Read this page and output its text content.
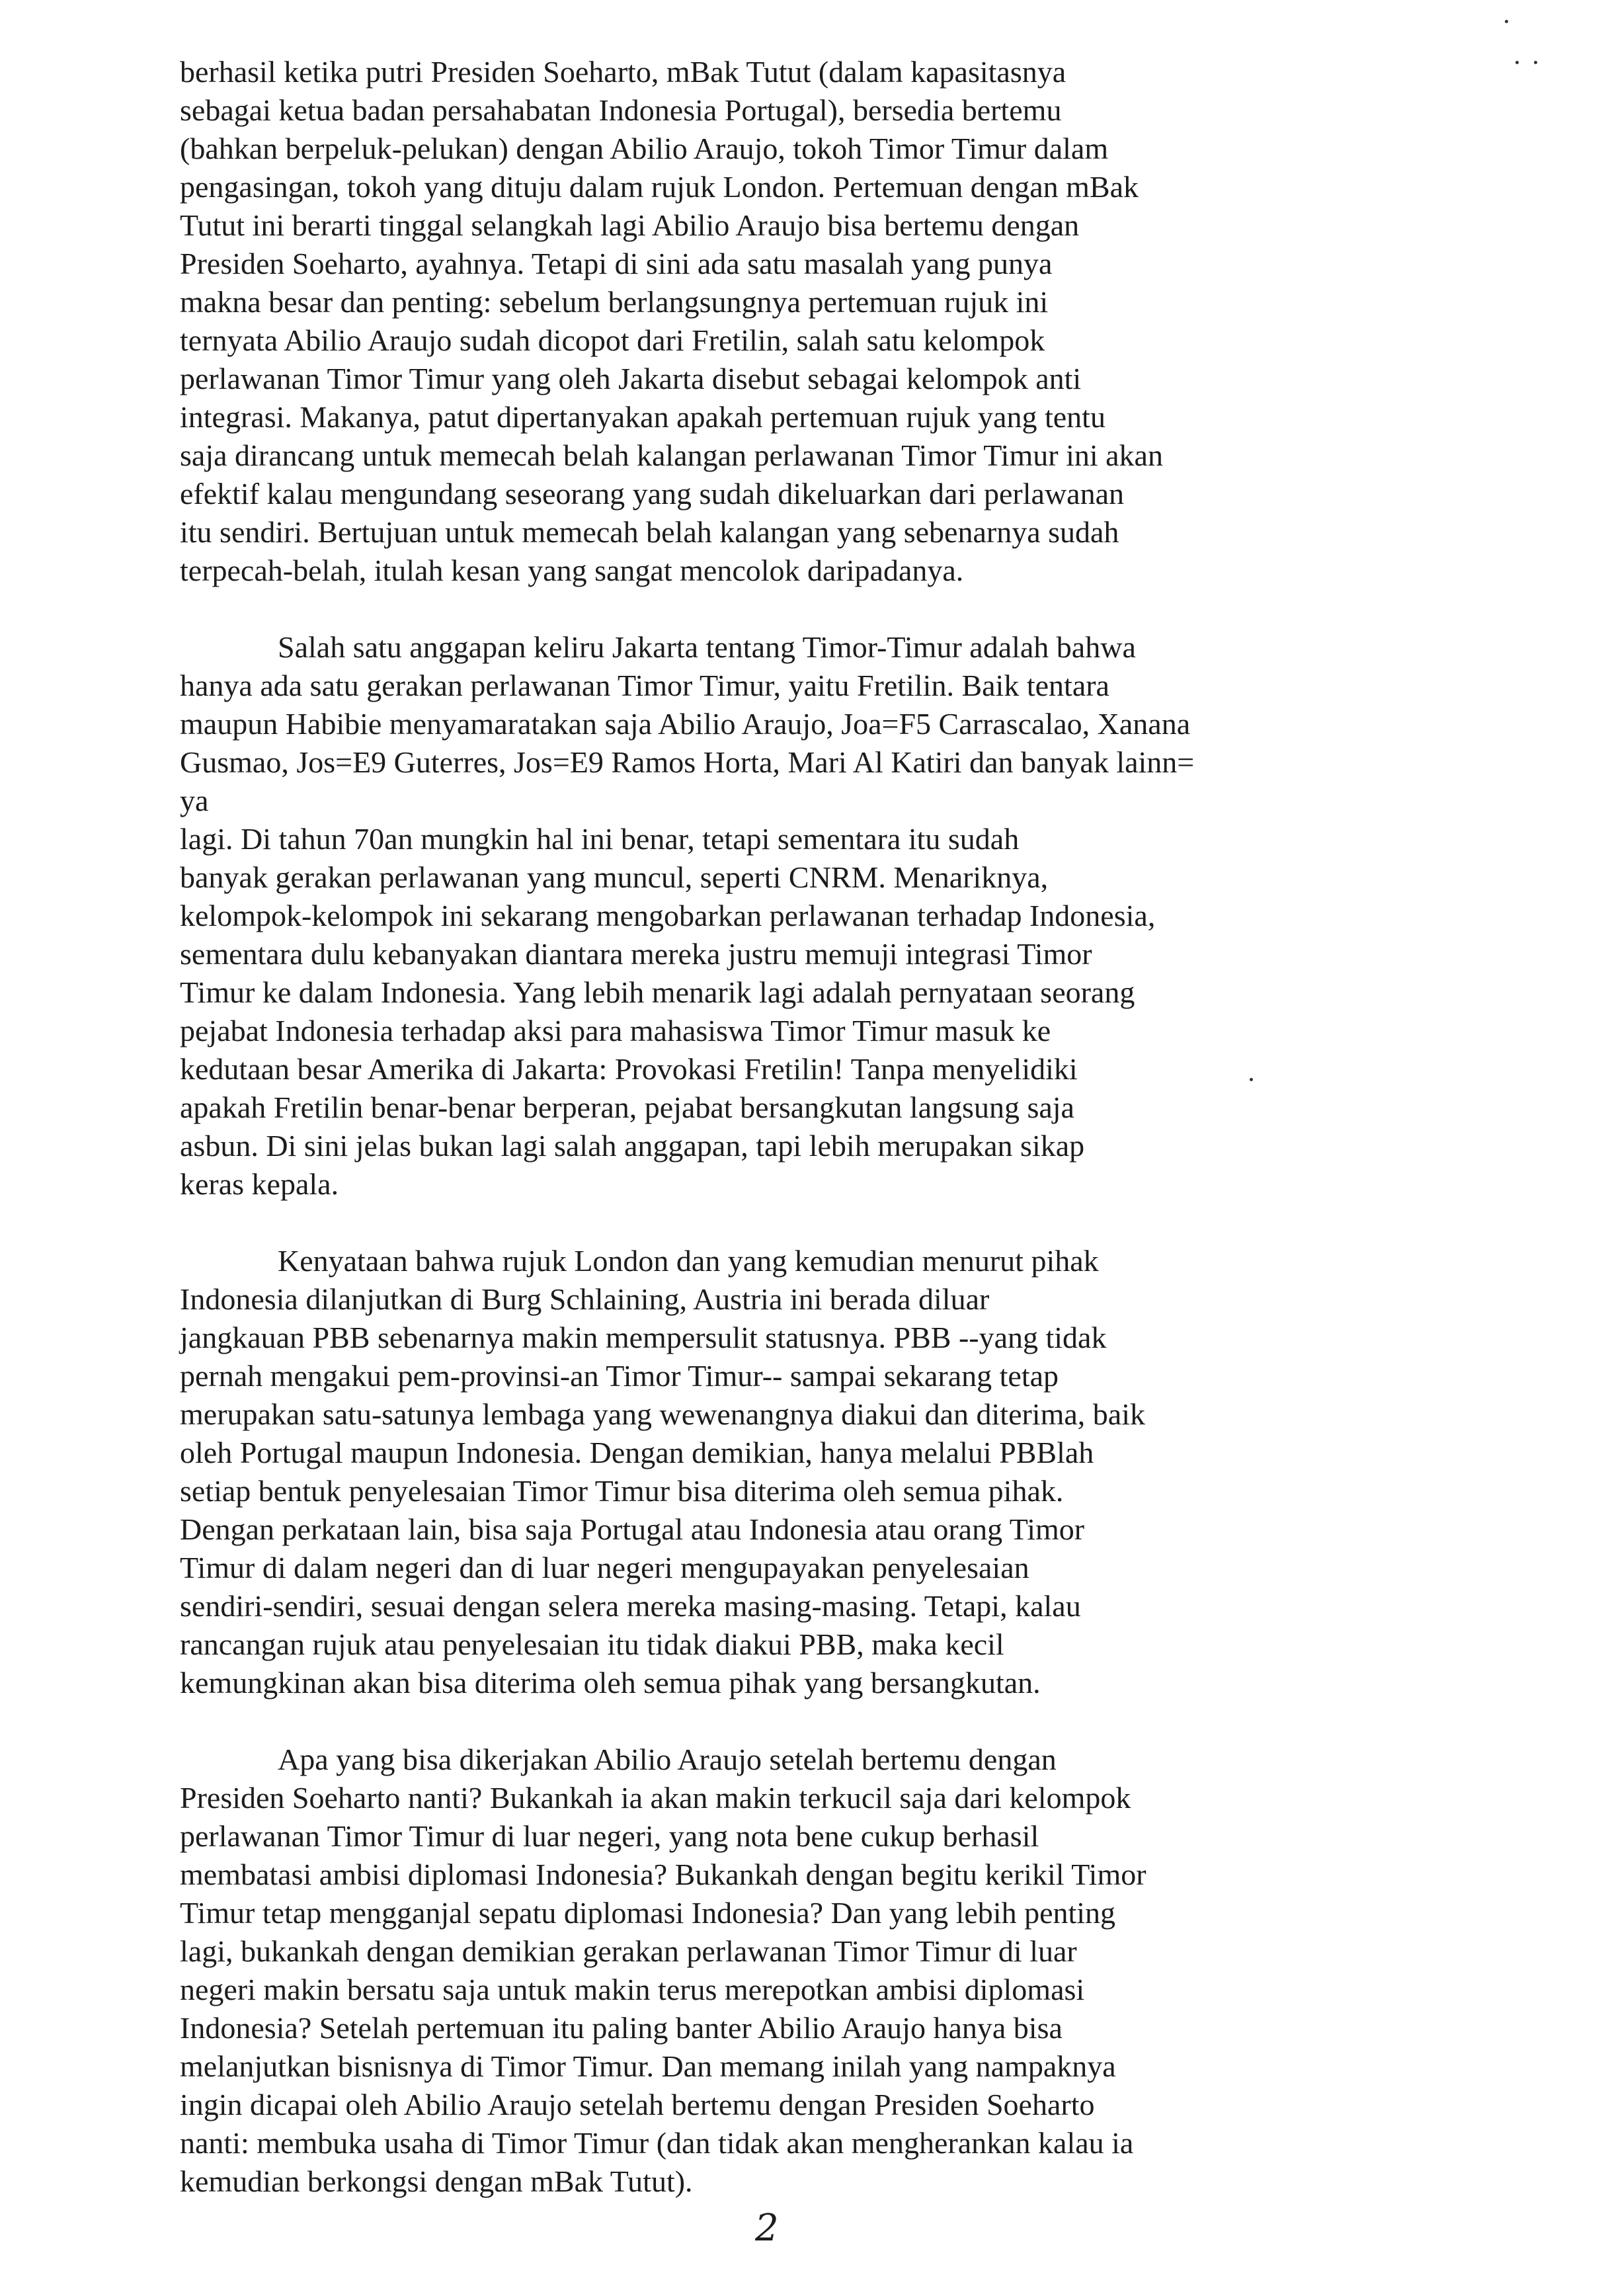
berhasil ketika putri Presiden Soeharto, mBak Tutut (dalam kapasitasnya
sebagai ketua badan persahabatan Indonesia Portugal), bersedia bertemu
(bahkan berpeluk-pelukan) dengan Abilio Araujo, tokoh Timor Timur dalam
pengasingan, tokoh yang dituju dalam rujuk London. Pertemuan dengan mBak
Tutut ini berarti tinggal selangkah lagi Abilio Araujo bisa bertemu dengan
Presiden Soeharto, ayahnya. Tetapi di sini ada satu masalah yang punya
makna besar dan penting: sebelum berlangsungnya pertemuan rujuk ini
ternyata Abilio Araujo sudah dicopot dari Fretilin, salah satu kelompok
perlawanan Timor Timur yang oleh Jakarta disebut sebagai kelompok anti
integrasi. Makanya, patut dipertanyakan apakah pertemuan rujuk yang tentu
saja dirancang untuk memecah belah kalangan perlawanan Timor Timur ini akan
efektif kalau mengundang seseorang yang sudah dikeluarkan dari perlawanan
itu sendiri. Bertujuan untuk memecah belah kalangan yang sebenarnya sudah
terpecah-belah, itulah kesan yang sangat mencolok daripadanya.
Salah satu anggapan keliru Jakarta tentang Timor-Timur adalah bahwa
hanya ada satu gerakan perlawanan Timor Timur, yaitu Fretilin. Baik tentara
maupun Habibie menyamaratakan saja Abilio Araujo, Joa=F5 Carrascalao, Xanana
Gusmao, Jos=E9 Guterres, Jos=E9 Ramos Horta, Mari Al Katiri dan banyak lainn=
ya
lagi. Di tahun 70an mungkin hal ini benar, tetapi sementara itu sudah
banyak gerakan perlawanan yang muncul, seperti CNRM. Menariknya,
kelompok-kelompok ini sekarang mengobarkan perlawanan terhadap Indonesia,
sementara dulu kebanyakan diantara mereka justru memuji integrasi Timor
Timur ke dalam Indonesia. Yang lebih menarik lagi adalah pernyataan seorang
pejabat Indonesia terhadap aksi para mahasiswa Timor Timur masuk ke
kedutaan besar Amerika di Jakarta: Provokasi Fretilin! Tanpa menyelidiki
apakah Fretilin benar-benar berperan, pejabat bersangkutan langsung saja
asbun. Di sini jelas bukan lagi salah anggapan, tapi lebih merupakan sikap
keras kepala.
Kenyataan bahwa rujuk London dan yang kemudian menurut pihak
Indonesia dilanjutkan di Burg Schlaining, Austria ini berada diluar
jangkauan PBB sebenarnya makin mempersulit statusnya. PBB --yang tidak
pernah mengakui pem-provinsi-an Timor Timur-- sampai sekarang tetap
merupakan satu-satunya lembaga yang wewenangnya diakui dan diterima, baik
oleh Portugal maupun Indonesia. Dengan demikian, hanya melalui PBBlah
setiap bentuk penyelesaian Timor Timur bisa diterima oleh semua pihak.
Dengan perkataan lain, bisa saja Portugal atau Indonesia atau orang Timor
Timur di dalam negeri dan di luar negeri mengupayakan penyelesaian
sendiri-sendiri, sesuai dengan selera mereka masing-masing. Tetapi, kalau
rancangan rujuk atau penyelesaian itu tidak diakui PBB, maka kecil
kemungkinan akan bisa diterima oleh semua pihak yang bersangkutan.
Apa yang bisa dikerjakan Abilio Araujo setelah bertemu dengan
Presiden Soeharto nanti? Bukankah ia akan makin terkucil saja dari kelompok
perlawanan Timor Timur di luar negeri, yang nota bene cukup berhasil
membatasi ambisi diplomasi Indonesia? Bukankah dengan begitu kerikil Timor
Timur tetap mengganjal sepatu diplomasi Indonesia? Dan yang lebih penting
lagi, bukankah dengan demikian gerakan perlawanan Timor Timur di luar
negeri makin bersatu saja untuk makin terus merepotkan ambisi diplomasi
Indonesia? Setelah pertemuan itu paling banter Abilio Araujo hanya bisa
melanjutkan bisnisnya di Timor Timur. Dan memang inilah yang nampaknya
ingin dicapai oleh Abilio Araujo setelah bertemu dengan Presiden Soeharto
nanti: membuka usaha di Timor Timur (dan tidak akan mengherankan kalau ia
kemudian berkongsi dengan mBak Tutut).
2
